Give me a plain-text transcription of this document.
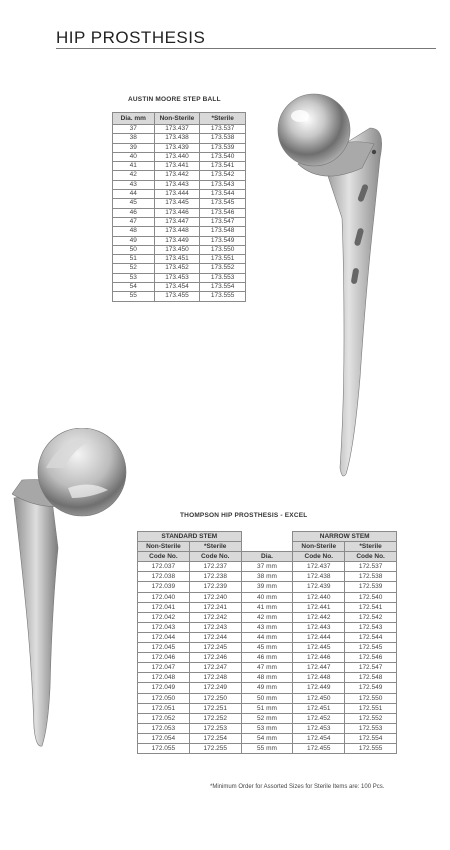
HIP PROSTHESIS
AUSTIN MOORE STEP BALL
Dia. mm	Non-Sterile	*Sterile
37	173.437	173.537
38	173.438	173.538
39	173.439	173.539
40	173.440	173.540
41	173.441	173.541
42	173.442	173.542
43	173.443	173.543
44	173.444	173.544
45	173.445	173.545
46	173.446	173.546
47	173.447	173.547
48	173.448	173.548
49	173.449	173.549
50	173.450	173.550
51	173.451	173.551
52	173.452	173.552
53	173.453	173.553
54	173.454	173.554
55	173.455	173.555
THOMPSON HIP PROSTHESIS - EXCEL
STANDARD STEM			NARROW STEM	
Non-Sterile	*Sterile		Non-Sterile	*Sterile
Code No.	Code No.	Dia.	Code No.	Code No.
172.037	172.237	37 mm	172.437	172.537
172.038	172.238	38 mm	172.438	172.538
172.039	172.239	39 mm	172.439	172.539
172.040	172.240	40 mm	172.440	172.540
172.041	172.241	41 mm	172.441	172.541
172.042	172.242	42 mm	172.442	172.542
172.043	172.243	43 mm	172.443	172.543
172.044	172.244	44 mm	172.444	172.544
172.045	172.245	45 mm	172.445	172.545
172.046	172.246	46 mm	172.446	172.546
172.047	172.247	47 mm	172.447	172.547
172.048	172.248	48 mm	172.448	172.548
172.049	172.249	49 mm	172.449	172.549
172.050	172.250	50 mm	172.450	172.550
172.051	172.251	51 mm	172.451	172.551
172.052	172.252	52 mm	172.452	172.552
172.053	172.253	53 mm	172.453	172.553
172.054	172.254	54 mm	172.454	172.554
172.055	172.255	55 mm	172.455	172.555
*Minimum Order for Assorted Sizes for Sterile Items are: 100 Pcs.
